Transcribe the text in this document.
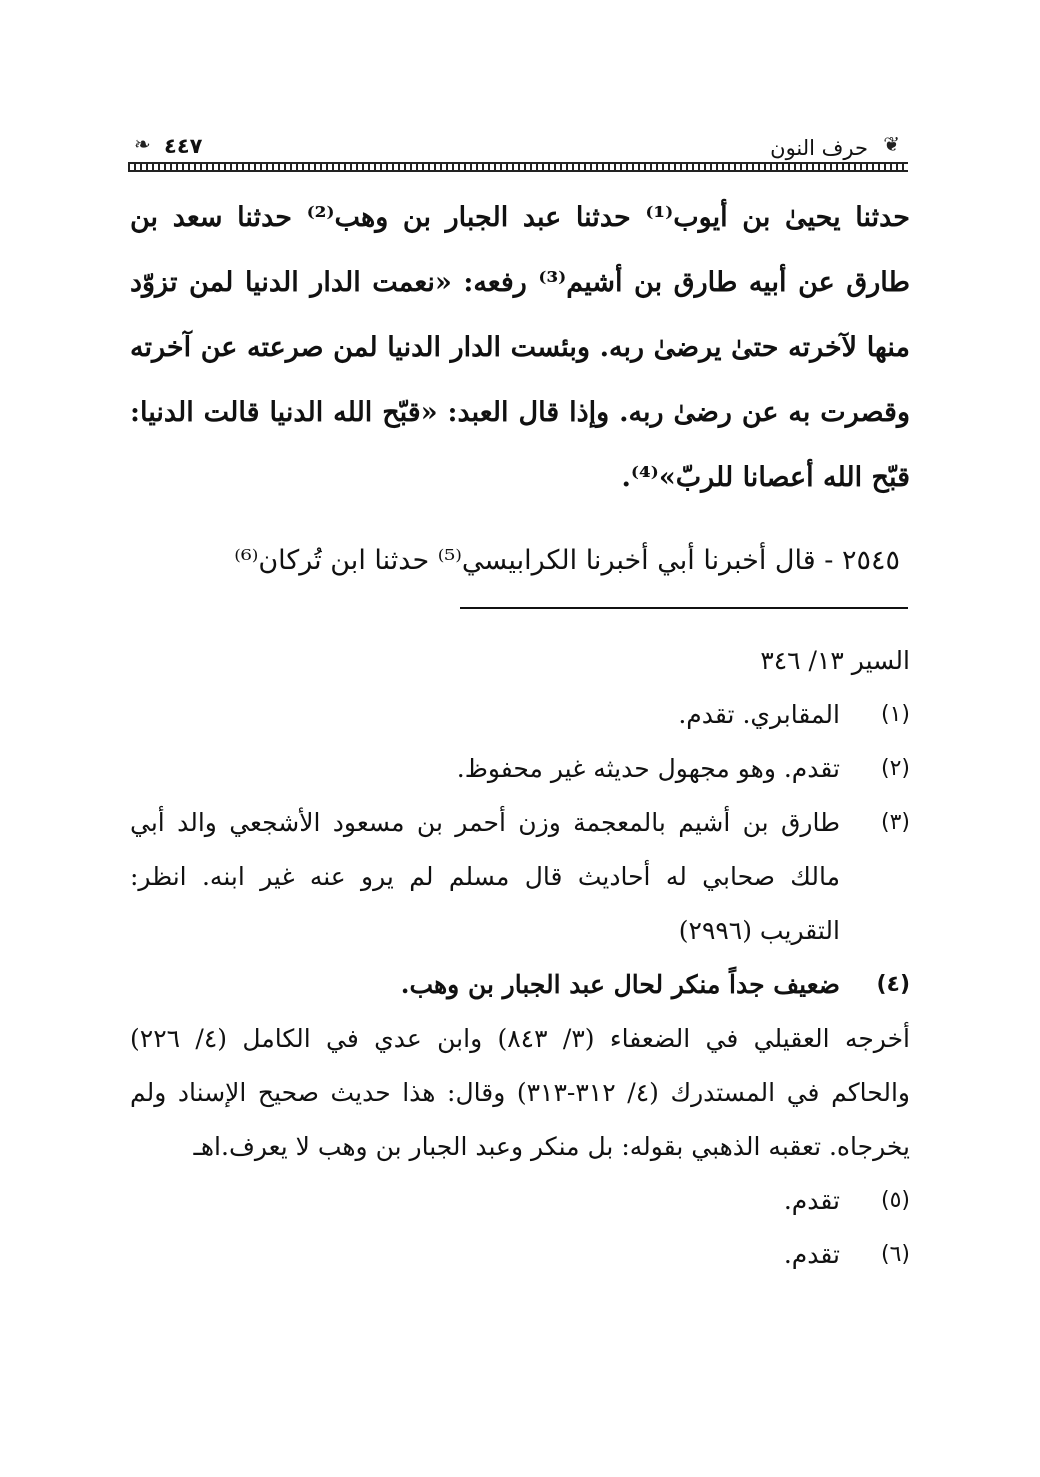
❦
حرف النون
٤٤٧
❧

حدثنا يحيىٰ بن أيوب⁽¹⁾ حدثنا عبد الجبار بن وهب⁽²⁾ حدثنا سعد بن طارق عن أبيه طارق بن أشيم⁽³⁾ رفعه: «نعمت الدار الدنيا لمن تزوّد منها لآخرته حتىٰ يرضىٰ ربه. وبئست الدار الدنيا لمن صرعته عن آخرته وقصرت به عن رضىٰ ربه. وإذا قال العبد: «قبّح الله الدنيا قالت الدنيا: قبّح الله أعصانا للربّ»⁽⁴⁾.

٢٥٤٥ - قال أخبرنا أبي أخبرنا الكرابيسي⁽⁵⁾ حدثنا ابن تُركان⁽⁶⁾
السير ١٣/ ٣٤٦
(١)
المقابري. تقدم.
(٢)
تقدم. وهو مجهول حديثه غير محفوظ.
(٣)
طارق بن أشيم بالمعجمة وزن أحمر بن مسعود الأشجعي والد أبي مالك صحابي له أحاديث قال مسلم لم يرو عنه غير ابنه. انظر: التقريب (٢٩٩٦)
(٤)
ضعيف جداً منكر لحال عبد الجبار بن وهب.
أخرجه العقيلي في الضعفاء (٣/ ٨٤٣) وابن عدي في الكامل (٤/ ٢٢٦) والحاكم في المستدرك (٤/ ٣١٢-٣١٣) وقال: هذا حديث صحيح الإسناد ولم يخرجاه. تعقبه الذهبي بقوله: بل منكر وعبد الجبار بن وهب لا يعرف.اهـ
(٥)
تقدم.
(٦)
تقدم.
